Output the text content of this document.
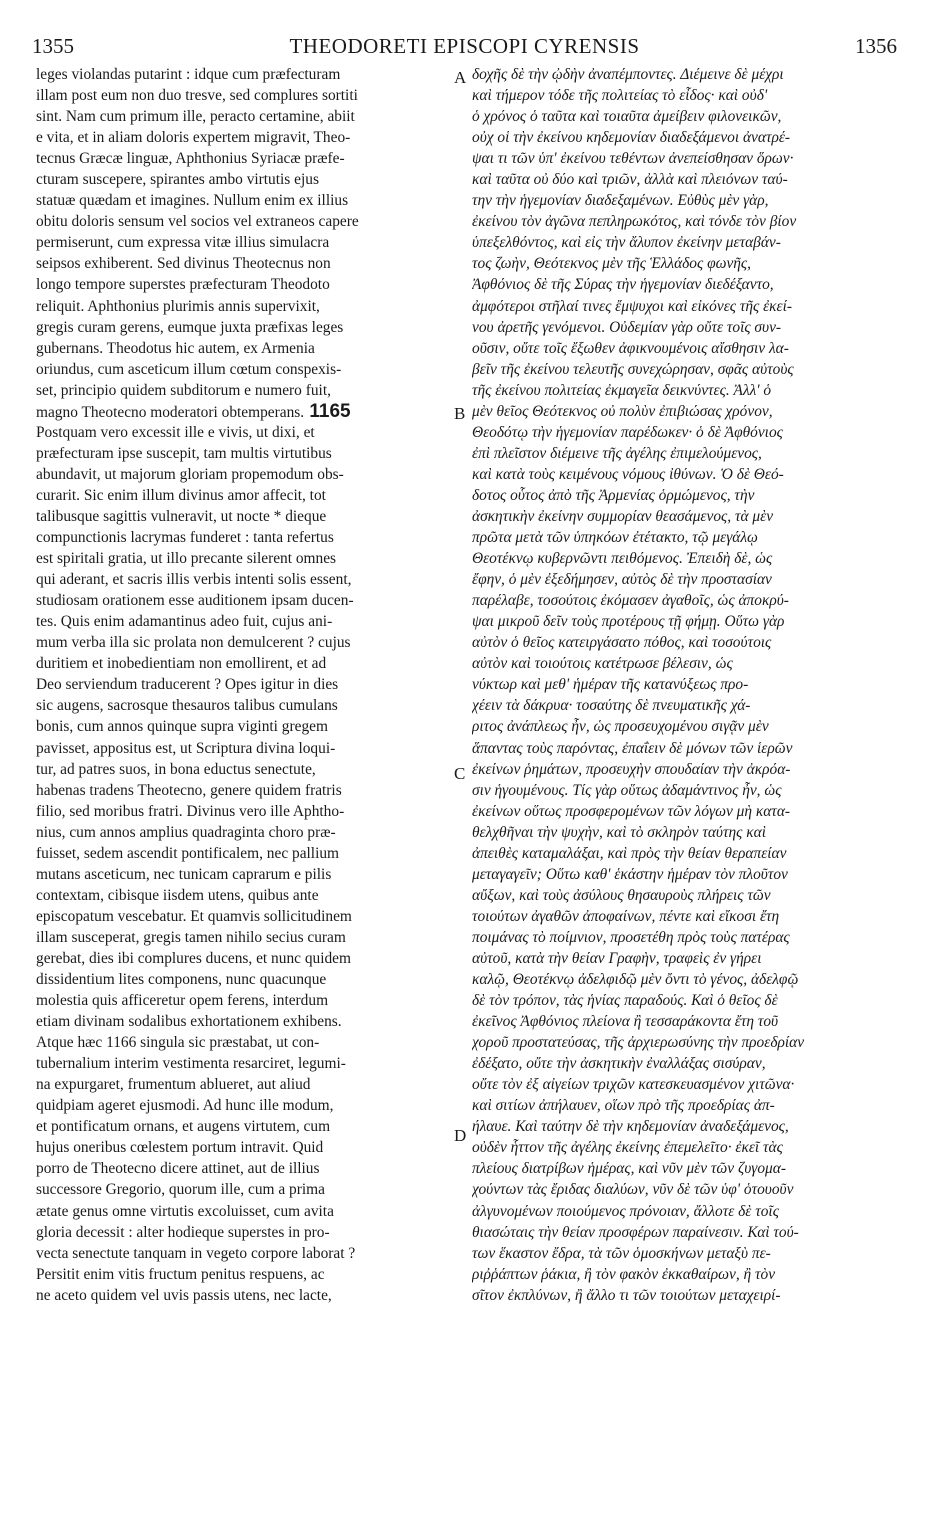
1355	THEODORETI EPISCOPI CYRENSIS	1356
leges violandas putarint : idque cum præfecturam
illam post eum non duo tresve, sed complures sortiti
sint. Nam cum primum ille, peracto certamine, abiit
e vita, et in aliam doloris expertem migravit, Theo-
tecnus Græcæ linguæ, Aphthonius Syriacæ præfe-
cturam suscepere, spirantes ambo virtutis ejus
statuæ quædam et imagines. Nullum enim ex illius
obitu doloris sensum vel socios vel extraneos capere
permiserunt, cum expressa vitæ illius simulacra
seipsos exhiberent. Sed divinus Theotecnus non
longo tempore superstes præfecturam Theodoto
reliquit. Aphthonius plurimis annis supervixit,
gregis curam gerens, eumque juxta præfixas leges
gubernans. Theodotus hic autem, ex Armenia
oriundus, cum asceticum illum cœtum conspexis-
set, principio quidem subditorum e numero fuit,
magno Theotecno moderatori obtemperans. 1165
Postquam vero excessit ille e vivis, ut dixi, et
præfecturam ipse suscepit, tam multis virtutibus
abundavit, ut majorum gloriam propemodum obs-
curarit. Sic enim illum divinus amor affecit, tot
talibusque sagittis vulneravit, ut nocte * dieque
compunctionis lacrymas funderet : tanta refertus
est spiritali gratia, ut illo precante silerent omnes
qui aderant, et sacris illis verbis intenti solis essent,
studiosam orationem esse auditionem ipsam ducen-
tes. Quis enim adamantinus adeo fuit, cujus ani-
mum verba illa sic prolata non demulcerent ? cujus
duritiem et inobedientiam non emollirent, et ad
Deo serviendum traducerent ? Opes igitur in dies
sic augens, sacrosque thesauros talibus cumulans
bonis, cum annos quinque supra viginti gregem
pavisset, appositus est, ut Scriptura divina loqui-
tur, ad patres suos, in bona eductus senectute,
habenas tradens Theotecno, genere quidem fratris
filio, sed moribus fratri. Divinus vero ille Aphtho-
nius, cum annos amplius quadraginta choro præ-
fuisset, sedem ascendit pontificalem, nec pallium
mutans asceticum, nec tunicam caprarum e pilis
contextam, cibisque iisdem utens, quibus ante
episcopatum vescebatur. Et quamvis sollicitudinem
illam susceperat, gregis tamen nihilo secius curam
gerebat, dies ibi complures ducens, et nunc quidem
dissidentium lites componens, nunc quacunque
molestia quis afficeretur opem ferens, interdum
etiam divinam sodalibus exhortationem exhibens.
Atque hæc 1166 singula sic præstabat, ut con-
tubernalium interim vestimenta resarciret, legumi-
na expurgaret, frumentum ablueret, aut aliud
quidpiam ageret ejusmodi. Ad hunc ille modum,
et pontificatum ornans, et augens virtutem, cum
hujus oneribus cœlestem portum intravit. Quid
porro de Theotecno dicere attinet, aut de illius
successore Gregorio, quorum ille, cum a prima
ætate genus omne virtutis excoluisset, cum avita
gloria decessit : alter hodieque superstes in pro-
vecta senectute tanquam in vegeto corpore laborat ?
Persitit enim vitis fructum penitus respuens, ac
ne aceto quidem vel uvis passis utens, nec lacte,
δοχῆς δὲ τὴν ᾠδὴν ἀναπέμποντες. Διέμεινε δὲ μέχρι
καὶ τήμερον τόδε τῆς πολιτείας τὸ εἶδος· καὶ οὐδ'
ὁ χρόνος ὁ ταῦτα καὶ τοιαῦτα ἀμείβειν φιλονεικῶν,
οὐχ οἱ τὴν ἐκείνου κηδεμονίαν διαδεξάμενοι ἀνατρέ-
ψαι τι τῶν ὑπ' ἐκείνου τεθέντων ἀνεπείσθησαν ὅρων·
καὶ ταῦτα οὐ δύο καὶ τριῶν, ἀλλὰ καὶ πλειόνων ταύ-
την τὴν ἡγεμονίαν διαδεξαμένων. Εὐθὺς μὲν γὰρ,
ἐκείνου τὸν ἀγῶνα πεπληρωκότος, καὶ τόνδε τὸν βίον
ὑπεξελθόντος, καὶ εἰς τὴν ἄλυπον ἐκείνην μεταβάν-
τος ζωὴν, Θεότεκνος μὲν τῆς Ἑλλάδος φωνῆς,
Ἀφθόνιος δὲ τῆς Σύρας τὴν ἡγεμονίαν διεδέξαντο,
ἀμφότεροι στῆλαί τινες ἔμψυχοι καὶ εἰκόνες τῆς ἐκεί-
νου ἀρετῆς γενόμενοι. Οὐδεμίαν γὰρ οὔτε τοῖς συν-
οῦσιν, οὔτε τοῖς ἔξωθεν ἀφικνουμένοις αἴσθησιν λα-
βεῖν τῆς ἐκείνου τελευτῆς συνεχώρησαν, σφᾶς αὐτοὺς
τῆς ἐκείνου πολιτείας ἐκμαγεῖα δεικνύντες. Ἀλλ' ὁ
μὲν θεῖος Θεότεκνος οὐ πολὺν ἐπιβιώσας χρόνον,
Θεοδότῳ τὴν ἡγεμονίαν παρέδωκεν· ὁ δὲ Ἀφθόνιος
ἐπὶ πλεῖστον διέμεινε τῆς ἀγέλης ἐπιμελούμενος,
καὶ κατὰ τοὺς κειμένους νόμους ἰθύνων. Ὁ δὲ Θεό-
δοτος οὗτος ἀπὸ τῆς Ἀρμενίας ὁρμώμενος, τὴν
ἀσκητικὴν ἐκείνην συμμορίαν θεασάμενος, τὰ μὲν
πρῶτα μετὰ τῶν ὑπηκόων ἐτέτακτο, τῷ μεγάλῳ
Θεοτέκνῳ κυβερνῶντι πειθόμενος. Ἐπειδὴ δὲ, ὡς
ἔφην, ὁ μὲν ἐξεδήμησεν, αὐτὸς δὲ τὴν προστασίαν
παρέλαβε, τοσούτοις ἐκόμασεν ἀγαθοῖς, ὡς ἀποκρύ-
ψαι μικροῦ δεῖν τοὺς προτέρους τῇ φήμῃ. Οὕτω γὰρ
αὐτὸν ὁ θεῖος κατειργάσατο πόθος, καὶ τοσούτοις
αὐτὸν καὶ τοιούτοις κατέτρωσε βέλεσιν, ὡς
νύκτωρ καὶ μεθ' ἡμέραν τῆς κατανύξεως προ-
χέειν τὰ δάκρυα· τοσαύτης δὲ πνευματικῆς χά-
ριτος ἀνάπλεως ἦν, ὡς προσευχομένου σιγᾷν μὲν
ἅπαντας τοὺς παρόντας, ἐπαΐειν δὲ μόνων τῶν ἱερῶν
ἐκείνων ῥημάτων, προσευχὴν σπουδαίαν τὴν ἀκρόα-
σιν ἡγουμένους. Τίς γὰρ οὕτως ἀδαμάντινος ἦν, ὡς
ἐκείνων οὕτως προσφερομένων τῶν λόγων μὴ κατα-
θελχθῆναι τὴν ψυχὴν, καὶ τὸ σκληρὸν ταύτης καὶ
ἀπειθὲς καταμαλάξαι, καὶ πρὸς τὴν θείαν θεραπείαν
μεταγαγεῖν; Οὕτω καθ' ἑκάστην ἡμέραν τὸν πλοῦτον
αὔξων, καὶ τοὺς ἀσύλους θησαυροὺς πλήρεις τῶν
τοιούτων ἀγαθῶν ἀποφαίνων, πέντε καὶ εἴκοσι ἔτη
ποιμάνας τὸ ποίμνιον, προσετέθη πρὸς τοὺς πατέρας
αὐτοῦ, κατὰ τὴν θείαν Γραφὴν, τραφεὶς ἐν γήρει
καλῷ, Θεοτέκνῳ ἀδελφιδῷ μὲν ὄντι τὸ γένος, ἀδελφῷ
δὲ τὸν τρόπον, τὰς ἡνίας παραδούς. Καὶ ὁ θεῖος δὲ
ἐκεῖνος Ἀφθόνιος πλείονα ἢ τεσσαράκοντα ἔτη τοῦ
χοροῦ προστατεύσας, τῆς ἀρχιερωσύνης τὴν προεδρίαν
ἐδέξατο, οὔτε τὴν ἀσκητικὴν ἐναλλάξας σισύραν,
οὔτε τὸν ἐξ αἰγείων τριχῶν κατεσκευασμένον χιτῶνα·
καὶ σιτίων ἀπήλαυεν, οἵων πρὸ τῆς προεδρίας ἀπ-
ήλαυε. Καὶ ταύτην δὲ τὴν κηδεμονίαν ἀναδεξάμενος,
οὐδὲν ἧττον τῆς ἀγέλης ἐκείνης ἐπεμελεῖτο· ἐκεῖ τὰς
πλείους διατρίβων ἡμέρας, καὶ νῦν μὲν τῶν ζυγομα-
χούντων τὰς ἔριδας διαλύων, νῦν δὲ τῶν ὑφ' ὁτουοῦν
ἀλγυνομένων ποιούμενος πρόνοιαν, ἄλλοτε δὲ τοῖς
θιασώταις τὴν θείαν προσφέρων παραίνεσιν. Καὶ τού-
των ἕκαστον ἔδρα, τὰ τῶν ὁμοσκήνων μεταξὺ πε-
ριῤῥάπτων ῥάκια, ἢ τὸν φακὸν ἐκκαθαίρων, ἢ τὸν
σῖτον ἐκπλύνων, ἢ ἄλλο τι τῶν τοιούτων μεταχειρί-
A
B
C
D
